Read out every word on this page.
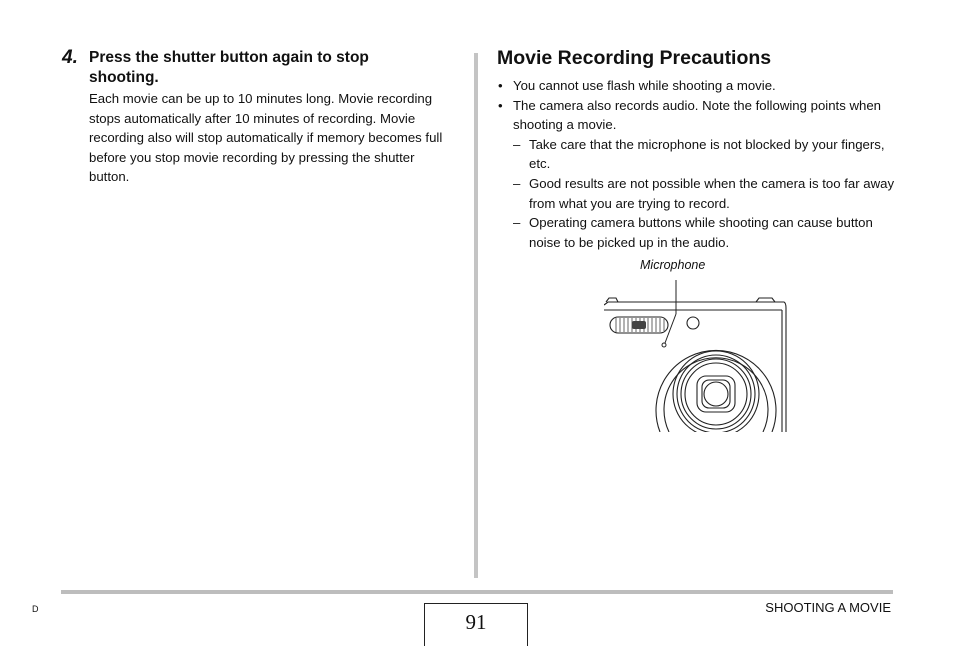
4. Press the shutter button again to stop shooting.
Each movie can be up to 10 minutes long. Movie recording stops automatically after 10 minutes of recording. Movie recording also will stop automatically if memory becomes full before you stop movie recording by pressing the shutter button.
Movie Recording Precautions
• You cannot use flash while shooting a movie.
• The camera also records audio. Note the following points when shooting a movie.
– Take care that the microphone is not blocked by your fingers, etc.
– Good results are not possible when the camera is too far away from what you are trying to record.
– Operating camera buttons while shooting can cause button noise to be picked up in the audio.
Microphone
D
91
SHOOTING A MOVIE
